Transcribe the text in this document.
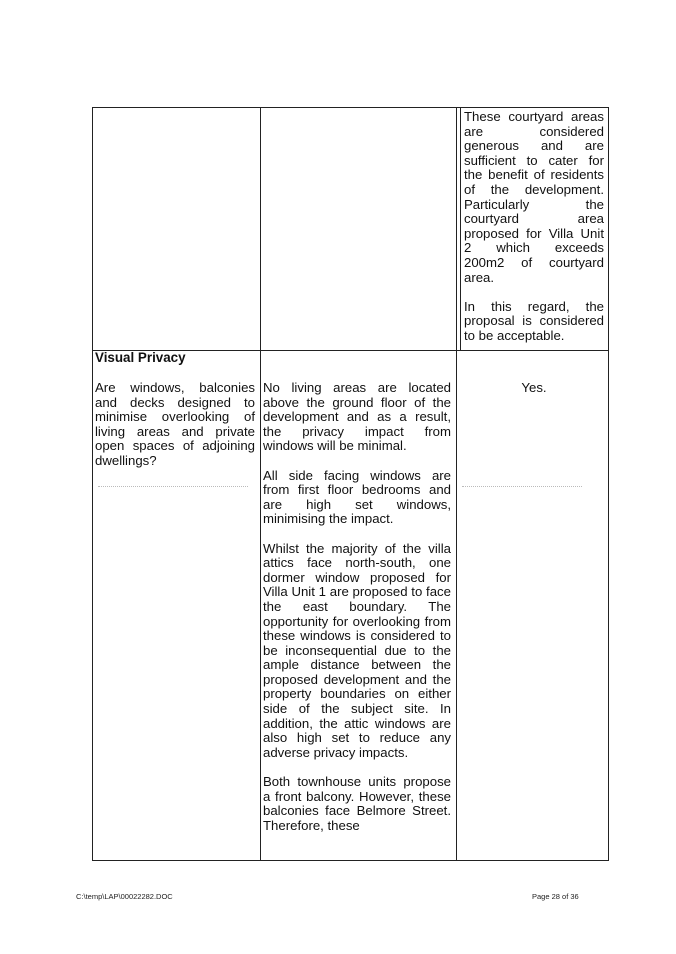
These courtyard areas are considered generous and are sufficient to cater for the benefit of residents of the development. Particularly the courtyard area proposed for Villa Unit 2 which exceeds 200m2 of courtyard area.

In this regard, the proposal is considered to be acceptable.

Visual Privacy
Are windows, balconies and decks designed to minimise overlooking of living areas and private open spaces of adjoining dwellings?

No living areas are located above the ground floor of the development and as a result, the privacy impact from windows will be minimal.

All side facing windows are from first floor bedrooms and are high set windows, minimising the impact.

Whilst the majority of the villa attics face north-south, one dormer window proposed for Villa Unit 1 are proposed to face the east boundary. The opportunity for overlooking from these windows is considered to be inconsequential due to the ample distance between the proposed development and the property boundaries on either side of the subject site. In addition, the attic windows are also high set to reduce any adverse privacy impacts.

Both townhouse units propose a front balcony. However, these balconies face Belmore Street. Therefore, these

Yes.
C:\temp\LAP\00022282.DOC	Page 28 of 36
